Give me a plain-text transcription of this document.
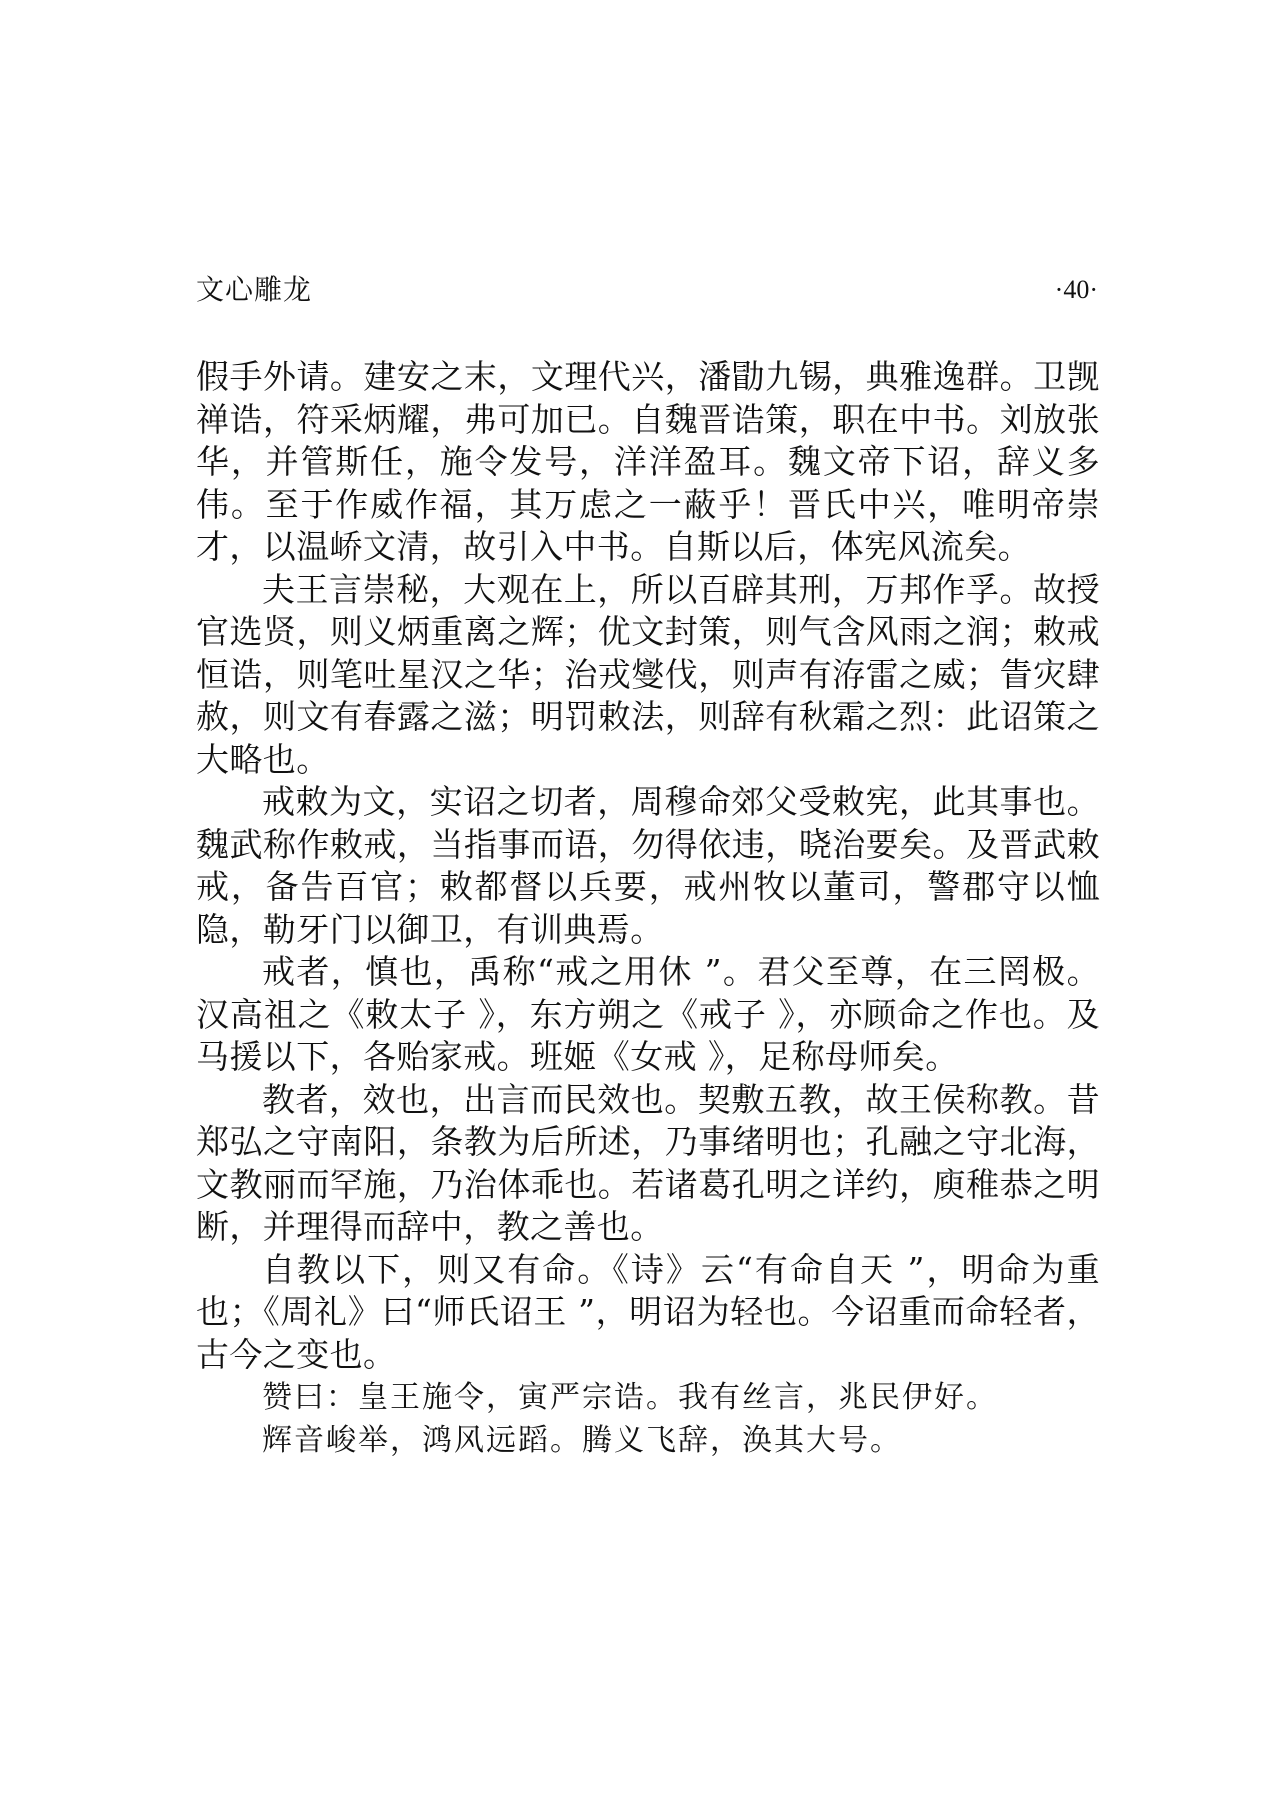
文心雕龙	·40·

假手外请。建安之末，文理代兴，潘勖九锡，典雅逸群。卫觊禅诰，符采炳耀，弗可加已。自魏晋诰策，职在中书。刘放张华，并管斯任，施令发号，洋洋盈耳。魏文帝下诏，辞义多伟。至于作威作福，其万虑之一蔽乎！晋氏中兴，唯明帝崇才，以温峤文清，故引入中书。自斯以后，体宪风流矣。

夫王言崇秘，大观在上，所以百辟其刑，万邦作孚。故授官选贤，则义炳重离之辉；优文封策，则气含风雨之润；敕戒恒诰，则笔吐星汉之华；治戎燮伐，则声有洊雷之威；眚灾肆赦，则文有春露之滋；明罚敕法，则辞有秋霜之烈：此诏策之大略也。

戒敕为文，实诏之切者，周穆命郊父受敕宪，此其事也。魏武称作敕戒，当指事而语，勿得依违，晓治要矣。及晋武敕戒，备告百官；敕都督以兵要，戒州牧以董司，警郡守以恤隐，勒牙门以御卫，有训典焉。

戒者，慎也，禹称“戒之用休 ”。君父至尊，在三罔极。汉高祖之《敕太子 》，东方朔之《戒子 》，亦顾命之作也。及马援以下，各贻家戒。班姬《女戒 》，足称母师矣。

教者，效也，出言而民效也。契敷五教，故王侯称教。昔郑弘之守南阳，条教为后所述，乃事绪明也；孔融之守北海，文教丽而罕施，乃治体乖也。若诸葛孔明之详约，庾稚恭之明断，并理得而辞中，教之善也。

自教以下，则又有命。《诗》云“有命自天 ”，明命为重也；《周礼》曰“师氏诏王 ”，明诏为轻也。今诏重而命轻者，古今之变也。

赞曰：皇王施令，寅严宗诰。我有丝言，兆民伊好。

辉音峻举，鸿风远蹈。腾义飞辞，涣其大号。
